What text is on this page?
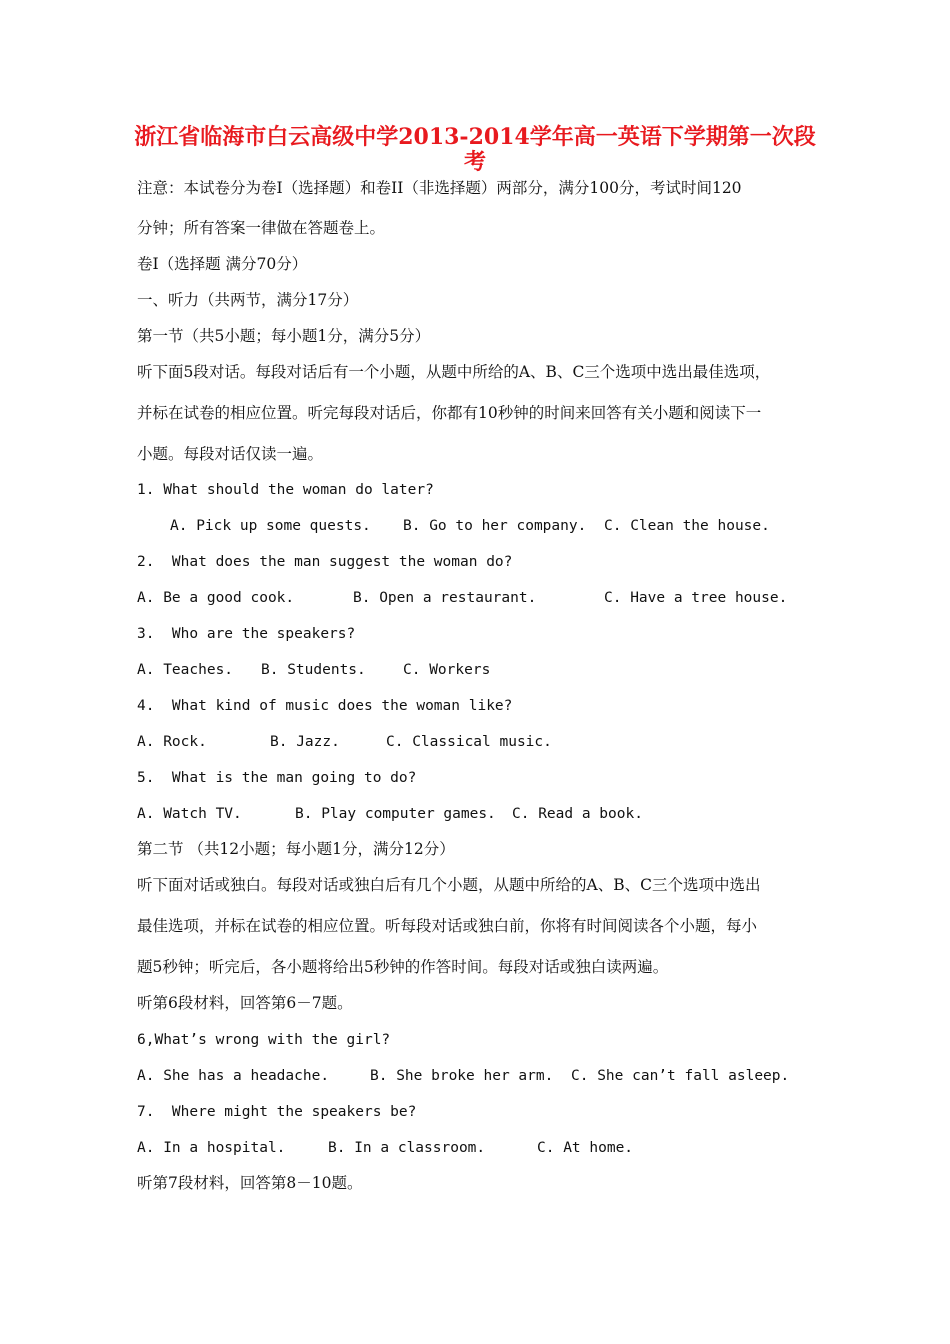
浙江省临海市白云高级中学2013-2014学年高一英语下学期第一次段
考
注意：本试卷分为卷Ⅰ（选择题）和卷II（非选择题）两部分，满分100分，考试时间120
分钟；所有答案一律做在答题卷上。
卷Ⅰ（选择题 满分70分）
一、听力（共两节，满分17分）
第一节（共5小题；每小题1分，满分5分）
听下面5段对话。每段对话后有一个小题，从题中所给的A、B、C三个选项中选出最佳选项，
并标在试卷的相应位置。听完每段对话后，你都有10秒钟的时间来回答有关小题和阅读下一
小题。每段对话仅读一遍。
1. What should the woman do later?
A. Pick up some quests. B. Go to her company. C. Clean the house.
2.  What does the man suggest the woman do?
A. Be a good cook.	B. Open a restaurant.	C. Have a tree house.
3.  Who are the speakers?
A. Teaches. B. Students.	C. Workers
4.  What kind of music does the woman like?
A. Rock.	B. Jazz.	C. Classical music.
5.  What is the man going to do?
A. Watch TV.	B. Play computer games. C. Read a book.
第二节 （共12小题；每小题1分，满分12分）
听下面对话或独白。每段对话或独白后有几个小题，从题中所给的A、B、C三个选项中选出
最佳选项，并标在试卷的相应位置。听每段对话或独白前，你将有时间阅读各个小题，每小
题5秒钟；听完后，各小题将给出5秒钟的作答时间。每段对话或独白读两遍。
听第6段材料，回答第6－7题。
6,What’s wrong with the girl?
A. She has a headache.	B. She broke her arm. C. She can’t fall asleep.
7.  Where might the speakers be?
A. In a hospital.	B. In a classroom.	C. At home.
听第7段材料，回答第8－10题。
